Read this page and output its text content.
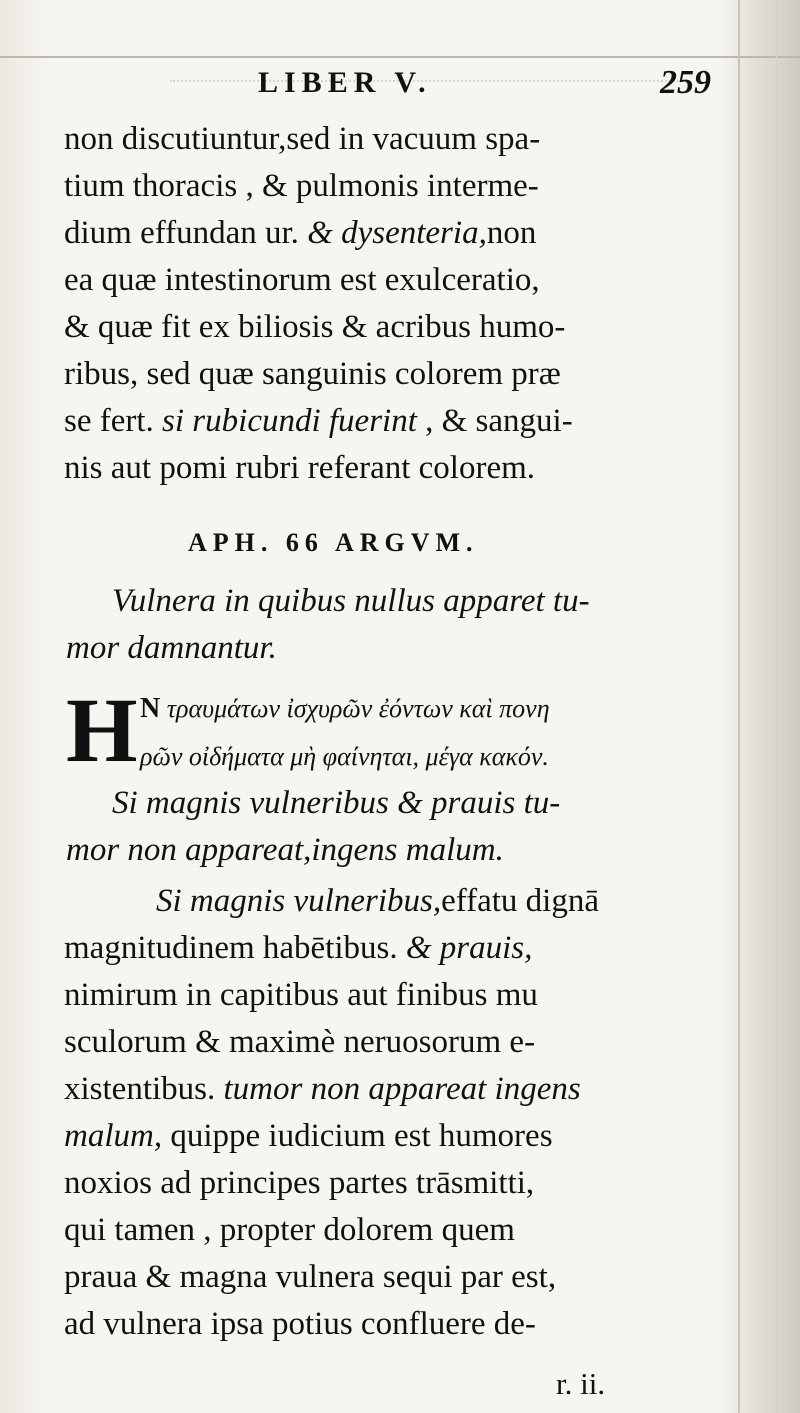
LIBER V.	259
non discutiuntur,sed in vacuum spa-
tium thoracis , & pulmonis interme-
dium effundan ur. & dysenteria,non
ea quæ intestinorum est exulceratio,
& quæ fit ex biliosis & acribus humo-
ribus, sed quæ sanguinis colorem præ
se fert. si rubicundi fuerint , & sangui-
nis aut pomi rubri referant colorem.
APH. 66 ARGVM.
Vulnera in quibus nullus apparet tu-
mor damnantur.
H N τραυμάτων ἰσχυρῶν ἐόντων καὶ πονη
ρῶν οἰδήματα μὴ φαίνηται, μέγα κακόν.
Si magnis vulneribus & prauis tu-
mor non appareat,ingens malum.
Si magnis vulneribus,effatu dignā
magnitudinem habētibus. & prauis,
nimirum in capitibus aut finibus mu
sculorum & maximè neruosorum e-
xistentibus. tumor non appareat ingens
malum, quippe iudicium est humores
noxios ad principes partes trāsmitti,
qui tamen , propter dolorem quem
praua & magna vulnera sequi par est,
ad vulnera ipsa potius confluere de-
r. ii.
